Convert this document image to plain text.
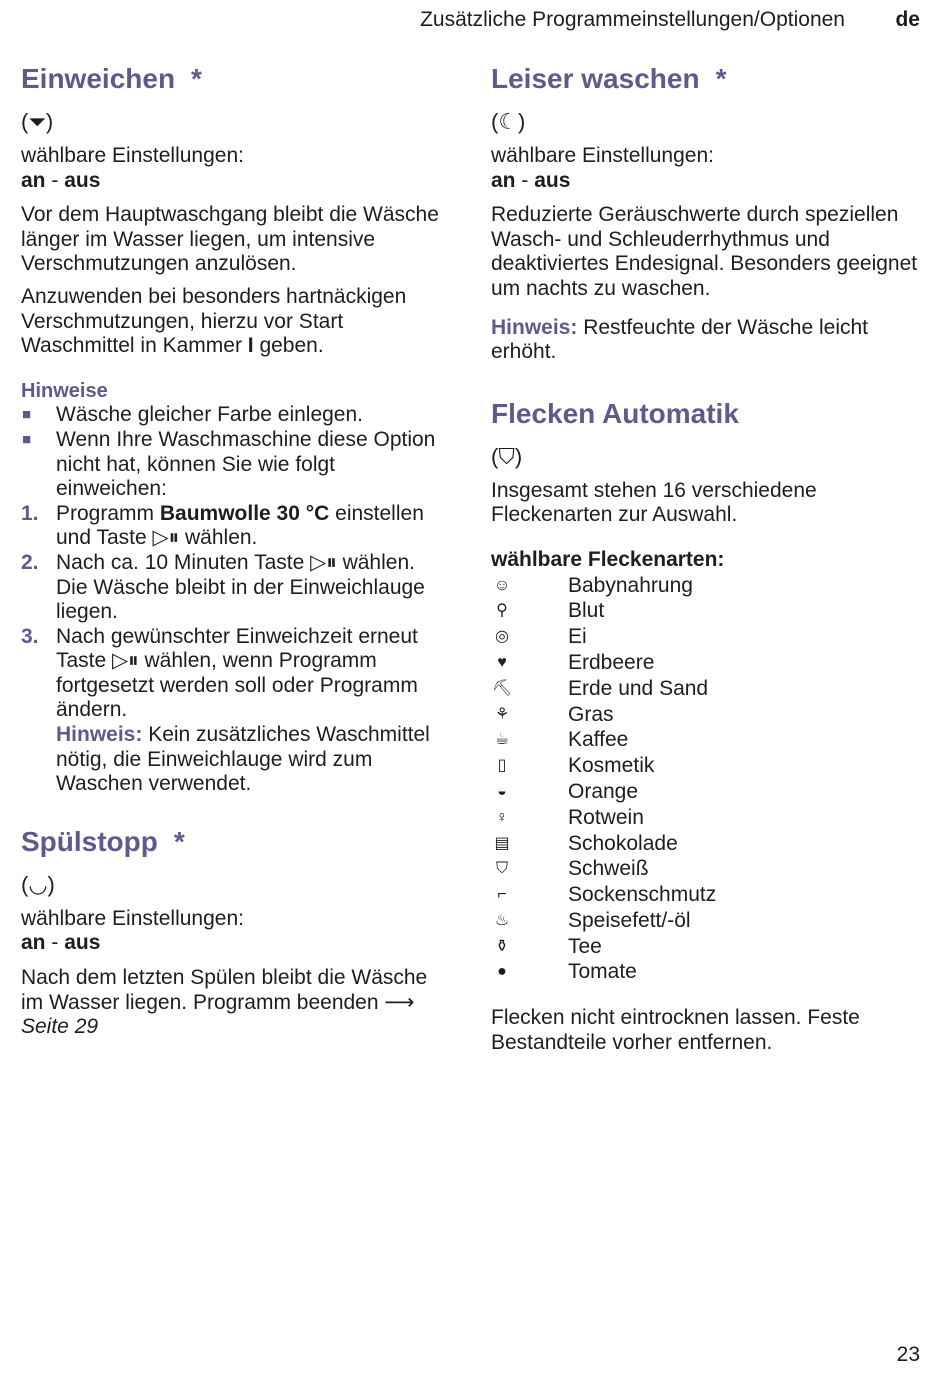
Zusätzliche Programmeinstellungen/Optionen de
Einweichen *
(⏷)

wählbare Einstellungen:

an - aus

Vor dem Hauptwaschgang bleibt die Wäsche länger im Wasser liegen, um intensive Verschmutzungen anzulösen.

Anzuwenden bei besonders hartnäckigen Verschmutzungen, hierzu vor Start Waschmittel in Kammer I geben.

Hinweise

■ Wäsche gleicher Farbe einlegen.
■ Wenn Ihre Waschmaschine diese Option nicht hat, können Sie wie folgt einweichen:
1. Programm Baumwolle 30 °C einstellen und Taste ▷⏸ wählen.
2. Nach ca. 10 Minuten Taste ▷⏸ wählen. Die Wäsche bleibt in der Einweichlauge liegen.
3. Nach gewünschter Einweichzeit erneut Taste ▷⏸ wählen, wenn Programm fortgesetzt werden soll oder Programm ändern.

Hinweis: Kein zusätzliches Waschmittel nötig, die Einweichlauge wird zum Waschen verwendet.

Spülstopp *
(◡)

wählbare Einstellungen:

an - aus

Nach dem letzten Spülen bleibt die Wäsche im Wasser liegen. Programm beenden ⟶ Seite 29

Leiser waschen *
(☾)

wählbare Einstellungen:

an - aus

Reduzierte Geräuschwerte durch speziellen Wasch- und Schleuderrhythmus und deaktiviertes Endesignal. Besonders geeignet um nachts zu waschen.

Hinweis: Restfeuchte der Wäsche leicht erhöht.

Flecken Automatik
(⛉)

Insgesamt stehen 16 verschiedene Fleckenarten zur Auswahl.

wählbare Fleckenarten:

☺	Babynahrung
⚲	Blut
◎	Ei
♥	Erdbeere
⛏	Erde und Sand
⚘	Gras
☕	Kaffee
▯	Kosmetik
◒	Orange
♀	Rotwein
▤	Schokolade
⛉	Schweiß
⌐	Sockenschmutz
♨	Speisefett/-öl
⚱	Tee
●	Tomate

Flecken nicht eintrocknen lassen. Feste Bestandteile vorher entfernen.

23
